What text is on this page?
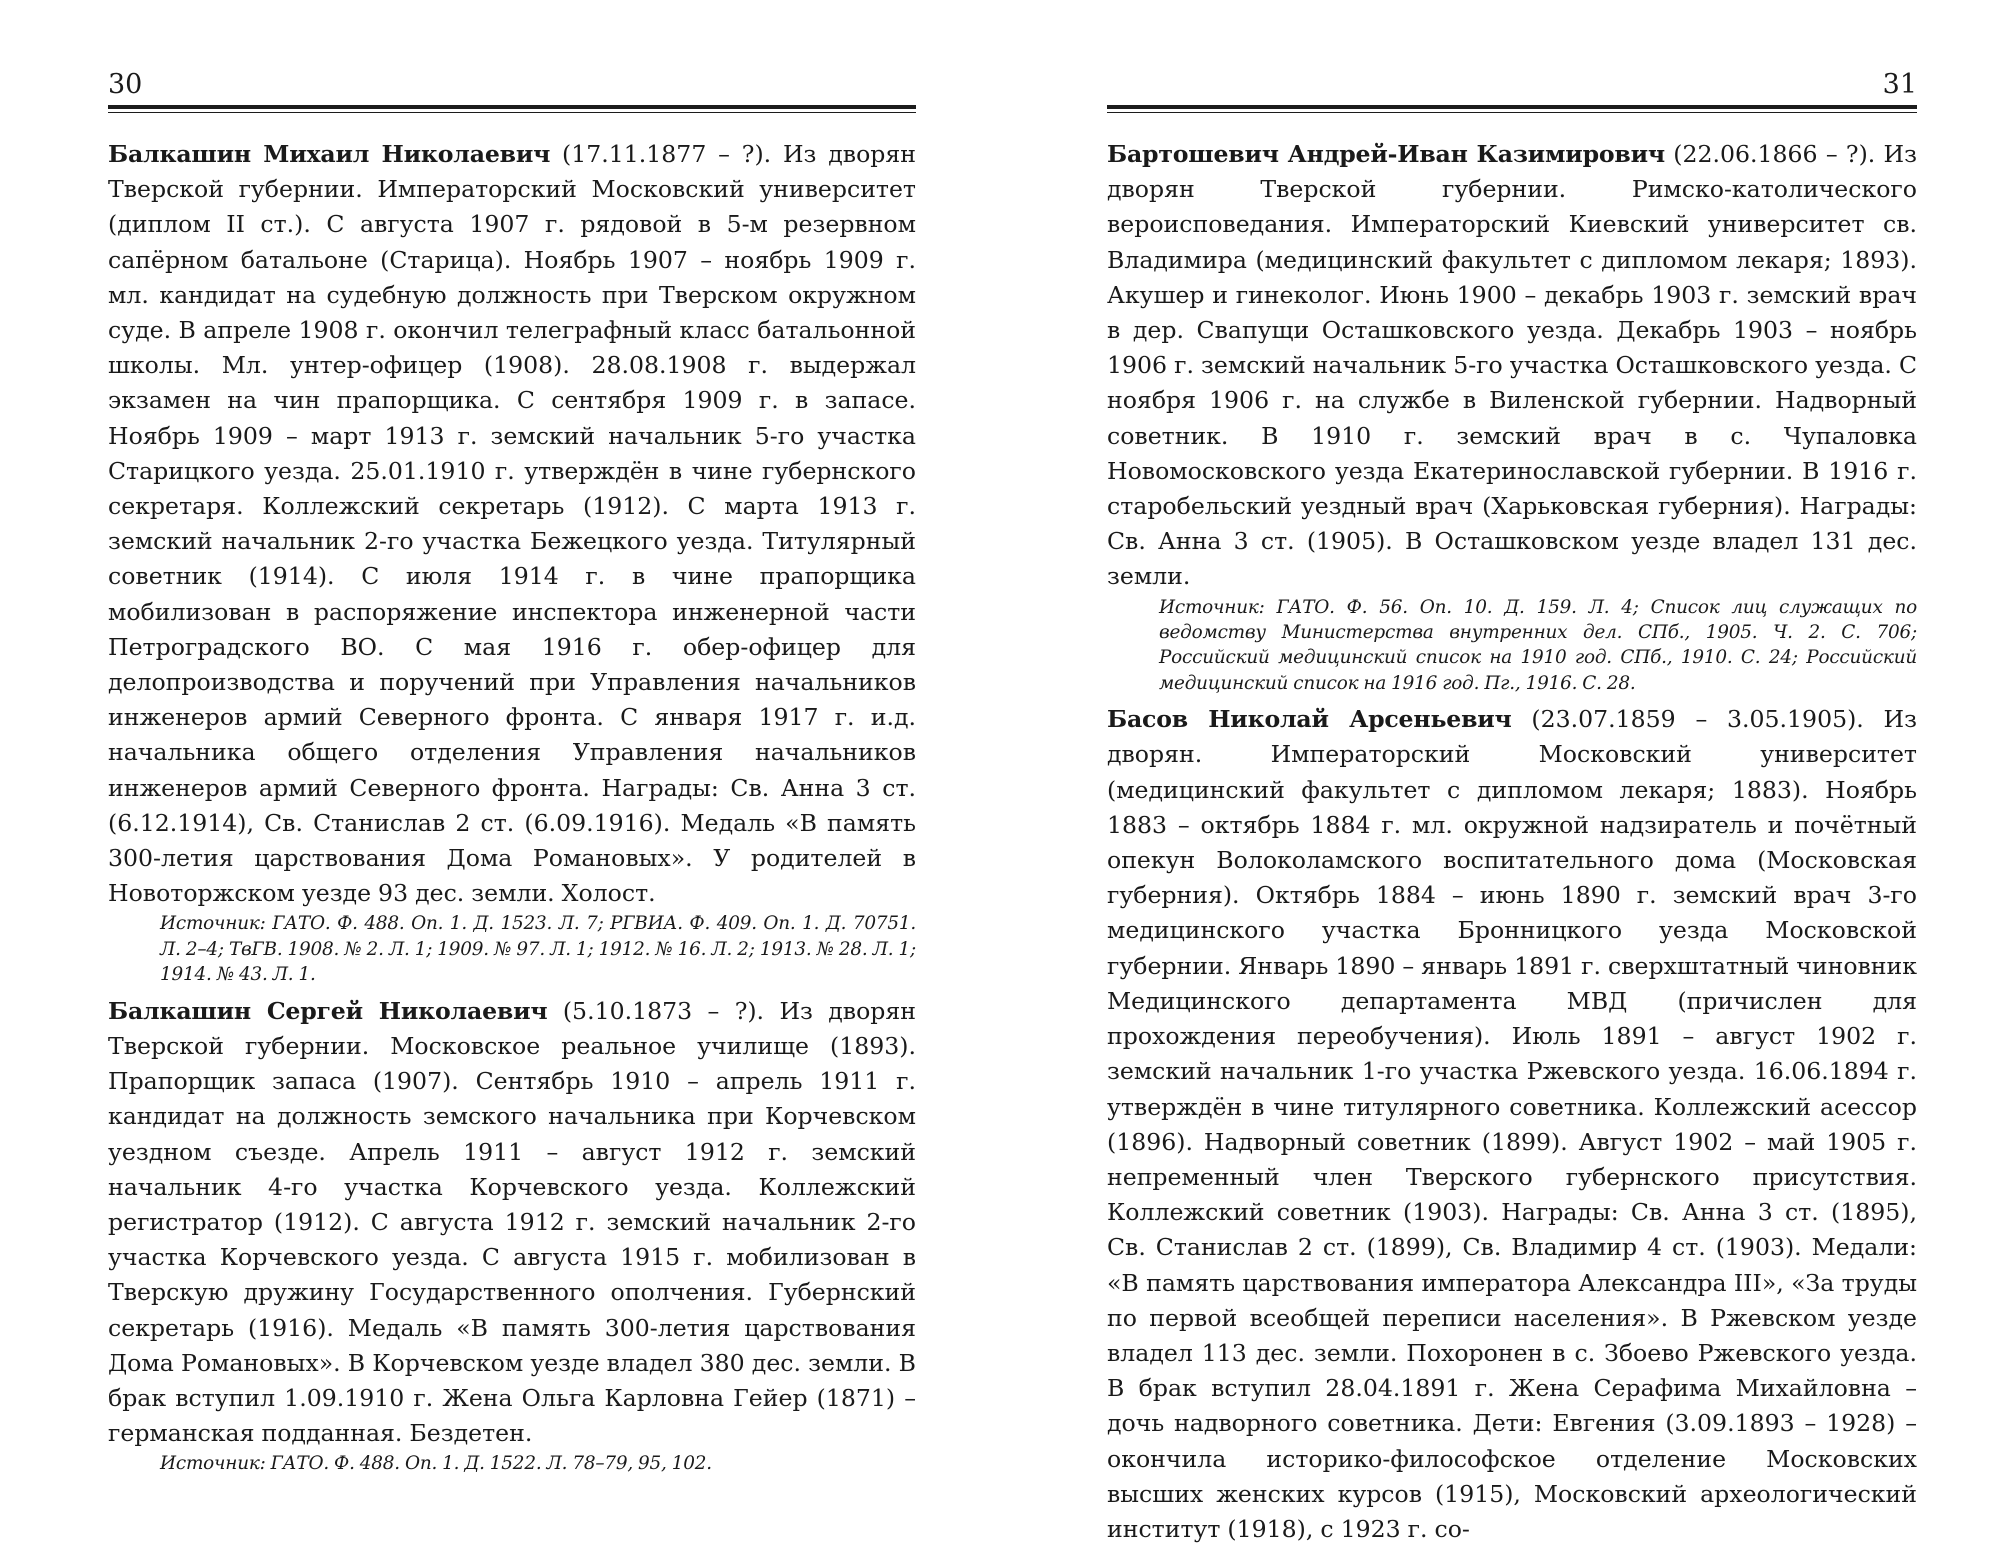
30

Балкашин Михаил Николаевич (17.11.1877 – ?). Из дворян Тверской губернии. Императорский Московский университет (диплом II ст.). С августа 1907 г. рядовой в 5-м резервном сапёрном батальоне (Старица). Ноябрь 1907 – ноябрь 1909 г. мл. кандидат на судебную должность при Тверском окружном суде. В апреле 1908 г. окончил телеграфный класс батальонной школы. Мл. унтер-офицер (1908). 28.08.1908 г. выдержал экзамен на чин прапорщика. С сентября 1909 г. в запасе. Ноябрь 1909 – март 1913 г. земский начальник 5-го участка Старицкого уезда. 25.01.1910 г. утверждён в чине губернского секретаря. Коллежский секретарь (1912). С марта 1913 г. земский начальник 2-го участка Бежецкого уезда. Титулярный советник (1914). С июля 1914 г. в чине прапорщика мобилизован в распоряжение инспектора инженерной части Петроградского ВО. С мая 1916 г. обер-офицер для делопроизводства и поручений при Управления начальников инженеров армий Северного фронта. С января 1917 г. и.д. начальника общего отделения Управления начальников инженеров армий Северного фронта. Награды: Св. Анна 3 ст. (6.12.1914), Св. Станислав 2 ст. (6.09.1916). Медаль «В память 300-летия царствования Дома Романовых». У родителей в Новоторжском уезде 93 дес. земли. Холост.

Источник: ГАТО. Ф. 488. Оп. 1. Д. 1523. Л. 7; РГВИА. Ф. 409. Оп. 1. Д. 70751. Л. 2–4; ТвГВ. 1908. № 2. Л. 1; 1909. № 97. Л. 1; 1912. № 16. Л. 2; 1913. № 28. Л. 1; 1914. № 43. Л. 1.

Балкашин Сергей Николаевич (5.10.1873 – ?). Из дворян Тверской губернии. Московское реальное училище (1893). Прапорщик запаса (1907). Сентябрь 1910 – апрель 1911 г. кандидат на должность земского начальника при Корчевском уездном съезде. Апрель 1911 – август 1912 г. земский начальник 4-го участка Корчевского уезда. Коллежский регистратор (1912). С августа 1912 г. земский начальник 2-го участка Корчевского уезда. С августа 1915 г. мобилизован в Тверскую дружину Государственного ополчения. Губернский секретарь (1916). Медаль «В память 300-летия царствования Дома Романовых». В Корчевском уезде владел 380 дес. земли. В брак вступил 1.09.1910 г. Жена Ольга Карловна Гейер (1871) – германская подданная. Бездетен.

Источник: ГАТО. Ф. 488. Оп. 1. Д. 1522. Л. 78–79, 95, 102.

31

Бартошевич Андрей-Иван Казимирович (22.06.1866 – ?). Из дворян Тверской губернии. Римско-католического вероисповедания. Императорский Киевский университет св. Владимира (медицинский факультет с дипломом лекаря; 1893). Акушер и гинеколог. Июнь 1900 – декабрь 1903 г. земский врач в дер. Свапущи Осташковского уезда. Декабрь 1903 – ноябрь 1906 г. земский начальник 5-го участка Осташковского уезда. С ноября 1906 г. на службе в Виленской губернии. Надворный советник. В 1910 г. земский врач в с. Чупаловка Новомосковского уезда Екатеринославской губернии. В 1916 г. старобельский уездный врач (Харьковская губерния). Награды: Св. Анна 3 ст. (1905). В Осташковском уезде владел 131 дес. земли.

Источник: ГАТО. Ф. 56. Оп. 10. Д. 159. Л. 4; Список лиц служащих по ведомству Министерства внутренних дел. СПб., 1905. Ч. 2. С. 706; Российский медицинский список на 1910 год. СПб., 1910. С. 24; Российский медицинский список на 1916 год. Пг., 1916. С. 28.

Басов Николай Арсеньевич (23.07.1859 – 3.05.1905). Из дворян. Императорский Московский университет (медицинский факультет с дипломом лекаря; 1883). Ноябрь 1883 – октябрь 1884 г. мл. окружной надзиратель и почётный опекун Волоколамского воспитательного дома (Московская губерния). Октябрь 1884 – июнь 1890 г. земский врач 3-го медицинского участка Бронницкого уезда Московской губернии. Январь 1890 – январь 1891 г. сверхштатный чиновник Медицинского департамента МВД (причислен для прохождения переобучения). Июль 1891 – август 1902 г. земский начальник 1-го участка Ржевского уезда. 16.06.1894 г. утверждён в чине титулярного советника. Коллежский асессор (1896). Надворный советник (1899). Август 1902 – май 1905 г. непременный член Тверского губернского присутствия. Коллежский советник (1903). Награды: Св. Анна 3 ст. (1895), Св. Станислав 2 ст. (1899), Св. Владимир 4 ст. (1903). Медали: «В память царствования императора Александра III», «За труды по первой всеобщей переписи населения». В Ржевском уезде владел 113 дес. земли. Похоронен в с. Збоево Ржевского уезда. В брак вступил 28.04.1891 г. Жена Серафима Михайловна – дочь надворного советника. Дети: Евгения (3.09.1893 – 1928) – окончила историко-философское отделение Московских высших женских курсов (1915), Московский археологический институт (1918), с 1923 г. со-
